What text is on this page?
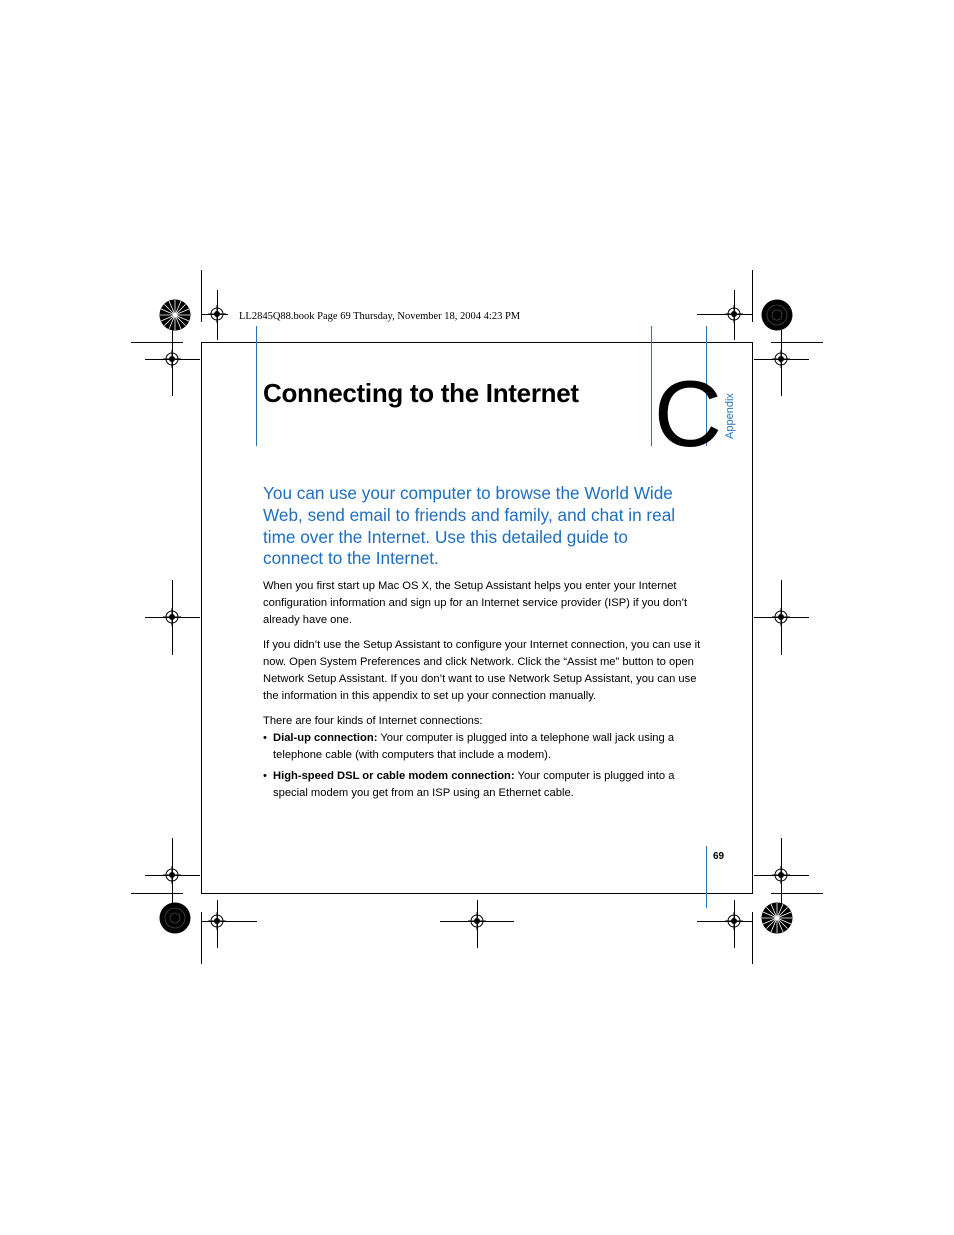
LL2845Q88.book Page 69 Thursday, November 18, 2004 4:23 PM
Connecting to the Internet C Appendix
You can use your computer to browse the World Wide Web, send email to friends and family, and chat in real time over the Internet. Use this detailed guide to connect to the Internet.
When you first start up Mac OS X, the Setup Assistant helps you enter your Internet configuration information and sign up for an Internet service provider (ISP) if you don’t already have one.
If you didn’t use the Setup Assistant to configure your Internet connection, you can use it now. Open System Preferences and click Network. Click the “Assist me” button to open Network Setup Assistant. If you don’t want to use Network Setup Assistant, you can use the information in this appendix to set up your connection manually.
There are four kinds of Internet connections:
• Dial-up connection: Your computer is plugged into a telephone wall jack using a telephone cable (with computers that include a modem).
• High-speed DSL or cable modem connection: Your computer is plugged into a special modem you get from an ISP using an Ethernet cable.
69
